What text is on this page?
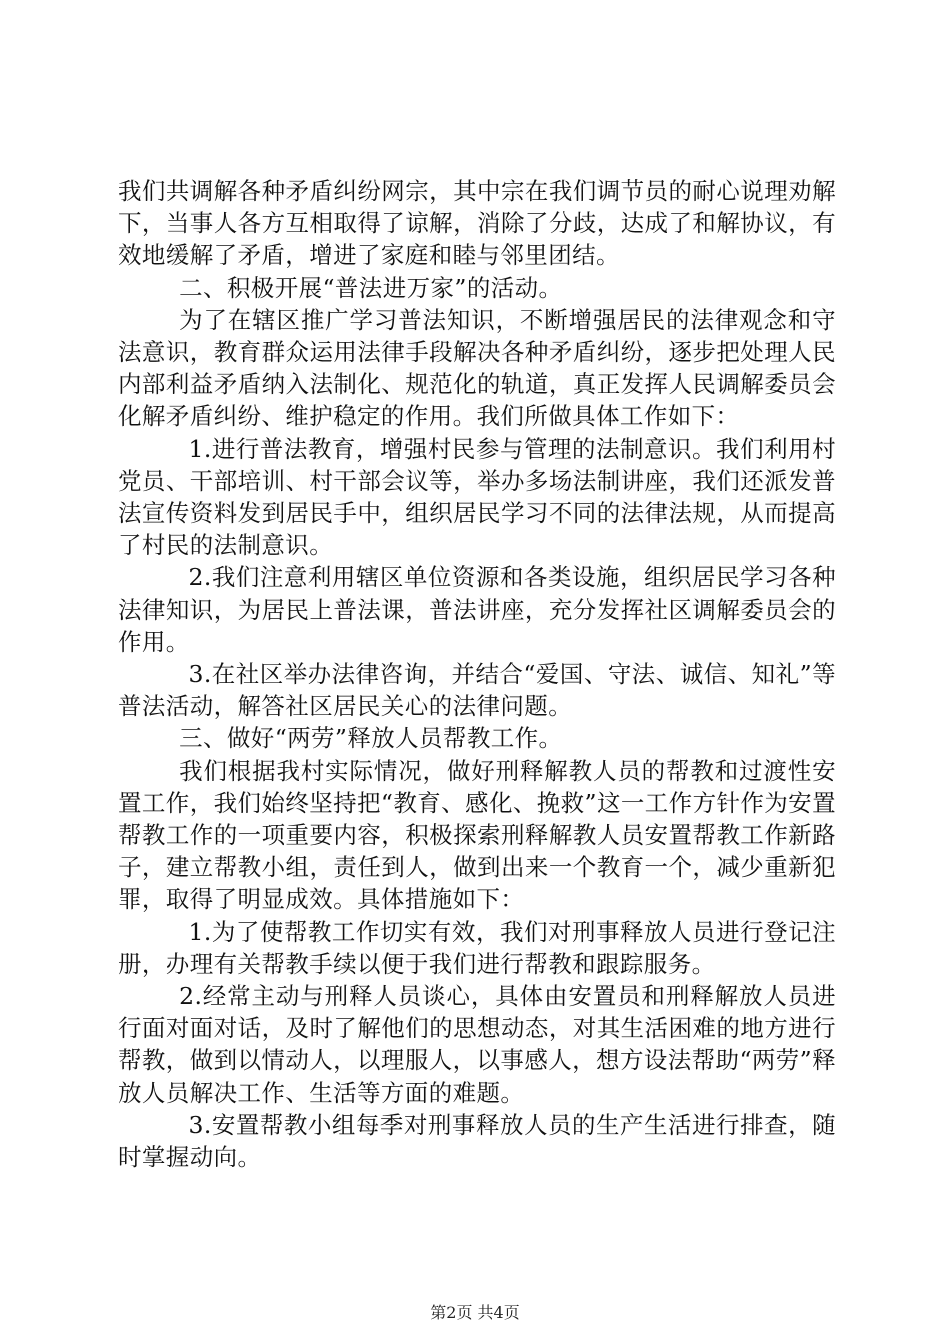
我们共调解各种矛盾纠纷网宗，其中宗在我们调节员的耐心说理劝解下，当事人各方互相取得了谅解，消除了分歧，达成了和解协议，有效地缓解了矛盾，增进了家庭和睦与邻里团结。

二、积极开展“普法进万家”的活动。

为了在辖区推广学习普法知识，不断增强居民的法律观念和守法意识，教育群众运用法律手段解决各种矛盾纠纷，逐步把处理人民内部利益矛盾纳入法制化、规范化的轨道，真正发挥人民调解委员会化解矛盾纠纷、维护稳定的作用。我们所做具体工作如下：

1.进行普法教育，增强村民参与管理的法制意识。我们利用村党员、干部培训、村干部会议等，举办多场法制讲座，我们还派发普法宣传资料发到居民手中，组织居民学习不同的法律法规，从而提高了村民的法制意识。

2.我们注意利用辖区单位资源和各类设施，组织居民学习各种法律知识，为居民上普法课，普法讲座，充分发挥社区调解委员会的作用。

3.在社区举办法律咨询，并结合“爱国、守法、诚信、知礼”等普法活动，解答社区居民关心的法律问题。

三、做好“两劳”释放人员帮教工作。

我们根据我村实际情况，做好刑释解教人员的帮教和过渡性安置工作，我们始终坚持把“教育、感化、挽救”这一工作方针作为安置帮教工作的一项重要内容，积极探索刑释解教人员安置帮教工作新路子，建立帮教小组，责任到人，做到出来一个教育一个，减少重新犯罪，取得了明显成效。具体措施如下：

1.为了使帮教工作切实有效，我们对刑事释放人员进行登记注册，办理有关帮教手续以便于我们进行帮教和跟踪服务。

2.经常主动与刑释人员谈心，具体由安置员和刑释解放人员进行面对面对话，及时了解他们的思想动态，对其生活困难的地方进行帮教，做到以情动人，以理服人，以事感人，想方设法帮助“两劳”释放人员解决工作、生活等方面的难题。

3.安置帮教小组每季对刑事释放人员的生产生活进行排查，随时掌握动向。

第2页 共4页
